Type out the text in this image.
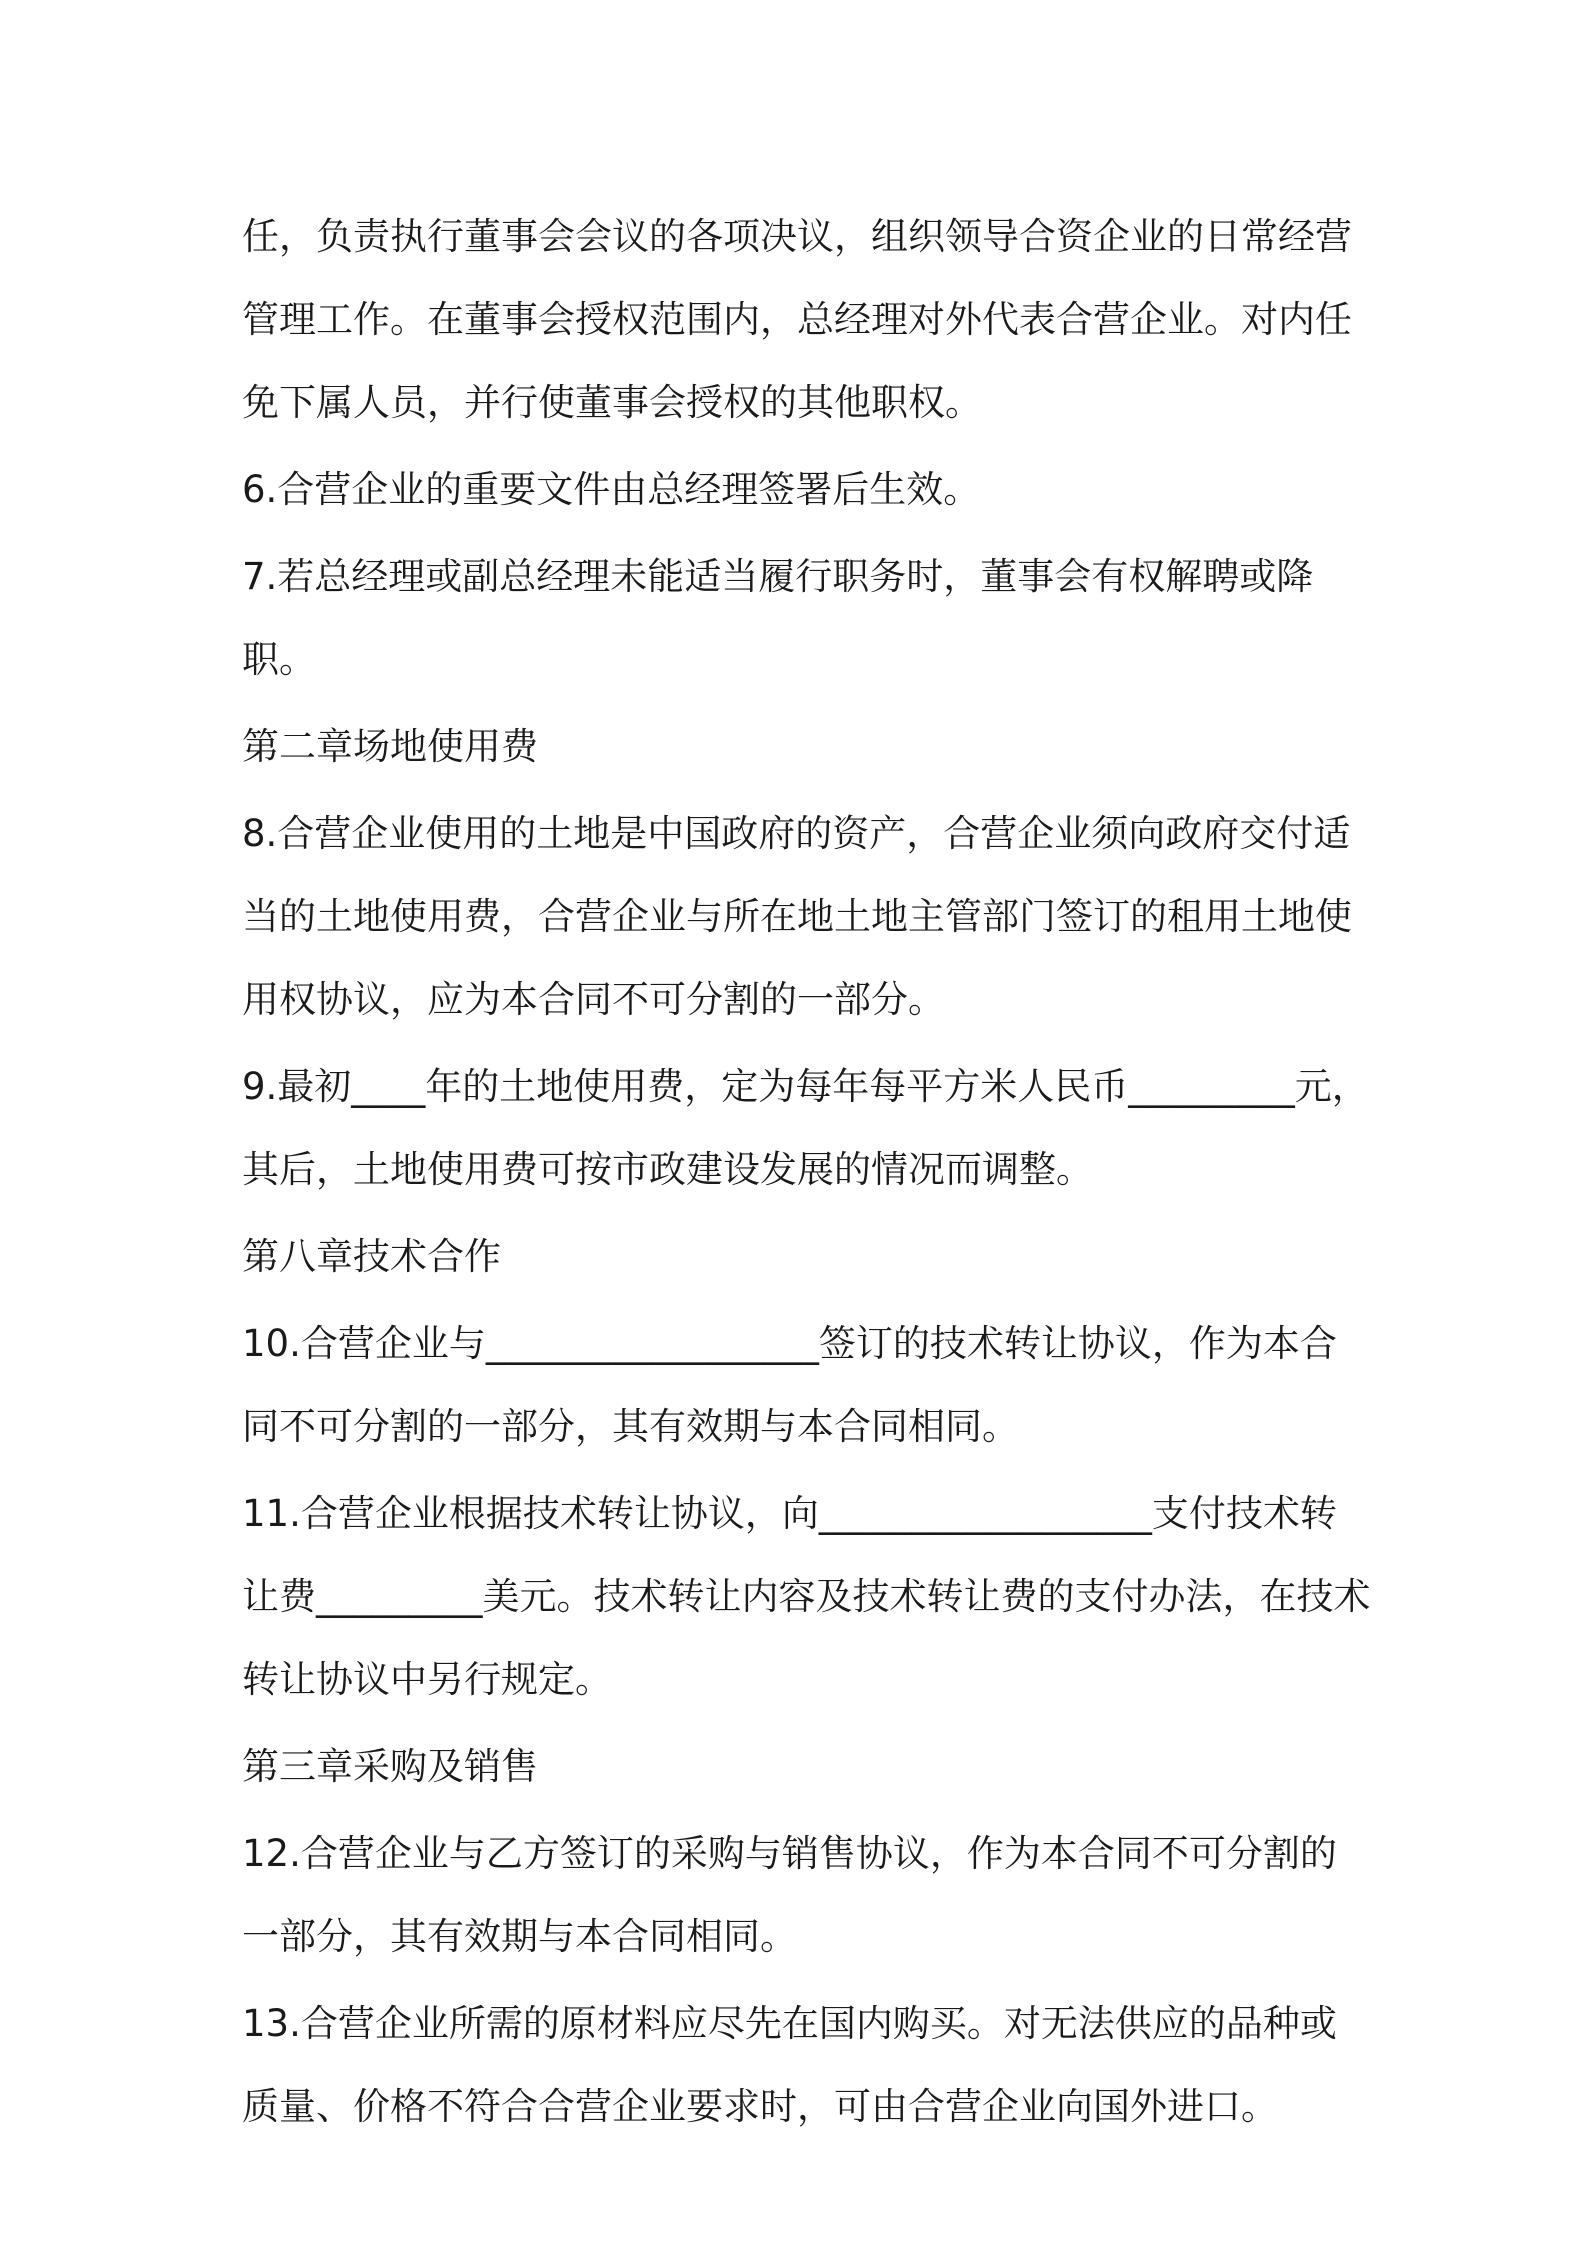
任，负责执行董事会会议的各项决议，组织领导合资企业的日常经营管理工作。在董事会授权范围内，总经理对外代表合营企业。对内任免下属人员，并行使董事会授权的其他职权。

6.合营企业的重要文件由总经理签署后生效。

7.若总经理或副总经理未能适当履行职务时，董事会有权解聘或降职。

第二章场地使用费

8.合营企业使用的土地是中国政府的资产，合营企业须向政府交付适当的土地使用费，合营企业与所在地土地主管部门签订的租用土地使用权协议，应为本合同不可分割的一部分。

9.最初____年的土地使用费，定为每年每平方米人民币_________元，其后，土地使用费可按市政建设发展的情况而调整。

第八章技术合作

10.合营企业与__________________签订的技术转让协议，作为本合同不可分割的一部分，其有效期与本合同相同。

11.合营企业根据技术转让协议，向__________________支付技术转让费_________美元。技术转让内容及技术转让费的支付办法，在技术转让协议中另行规定。

第三章采购及销售

12.合营企业与乙方签订的采购与销售协议，作为本合同不可分割的一部分，其有效期与本合同相同。

13.合营企业所需的原材料应尽先在国内购买。对无法供应的品种或质量、价格不符合合营企业要求时，可由合营企业向国外进口。
